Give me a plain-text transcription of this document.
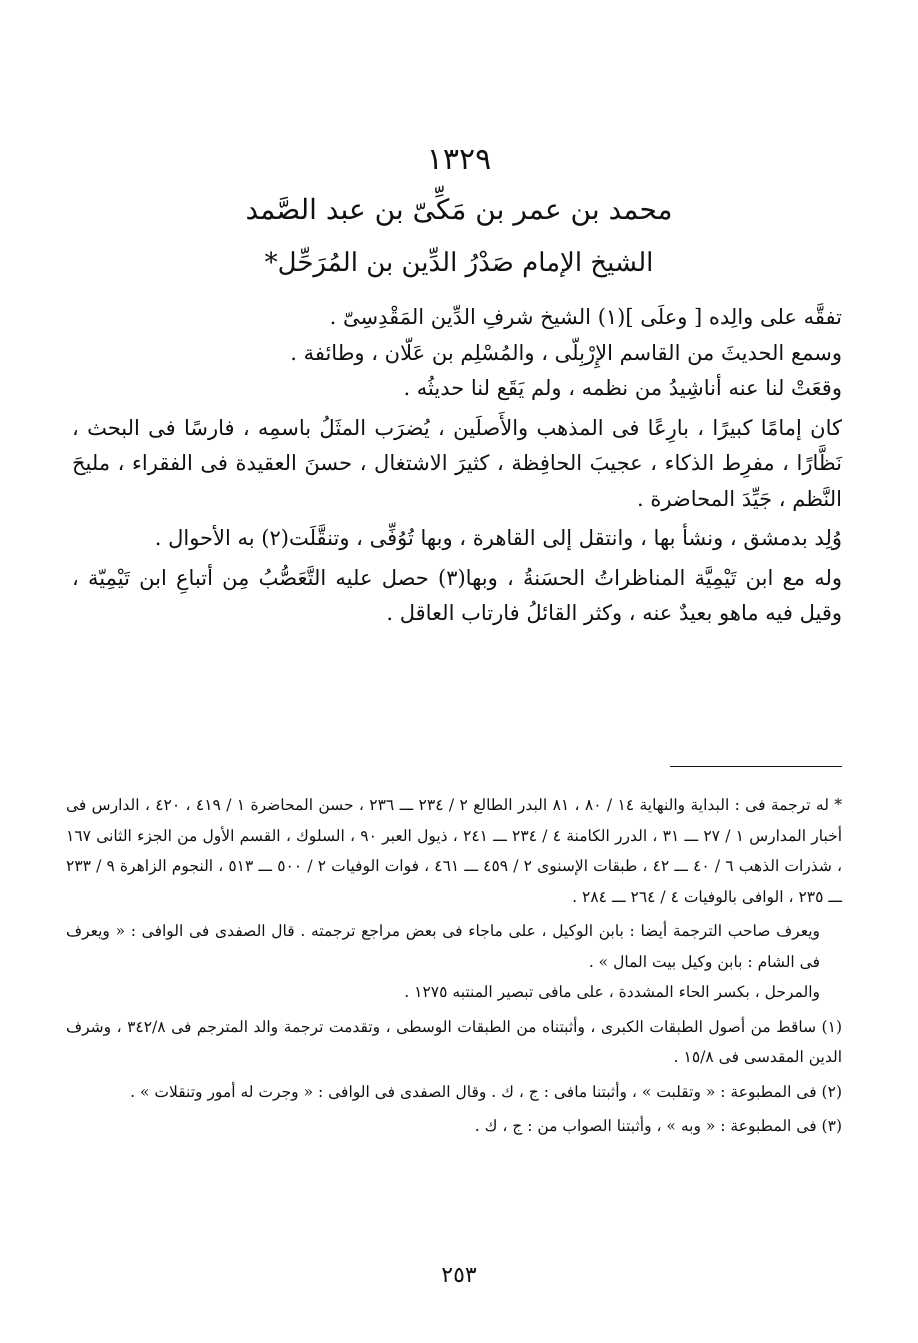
١٣٢٩
محمد بن عمر بن مَكِّىّ بن عبد الصَّمد
الشيخ الإمام صَدْرُ الدِّين بن المُرَحِّل*

تفقَّه على والِده [ وعلَى ](١) الشيخ شرفِ الدِّين المَقْدِسِىّ .

وسمع الحديثَ من القاسم الإِرْبِلّى ، والمُسْلِم بن عَلّان ، وطائفة .

وقعَتْ لنا عنه أناشِيدُ من نظمه ، ولم يَقَع لنا حديثُه .

كان إمامًا كبيرًا ، بارِعًا فى المذهب والأَصلَين ، يُضرَب المثَلُ باسمِه ، فارسًا فى البحث ، نَظَّارًا ، مفرِط الذكاء ، عجيبَ الحافِظة ، كثيرَ الاشتغال ، حسنَ العقيدة فى الفقراء ، مليحَ النَّظم ، جَيِّدَ المحاضرة .

وُلِد بدمشق ، ونشأ بها ، وانتقل إلى القاهرة ، وبها تُوُفِّى ، وتنقَّلَت(٢) به الأحوال .

وله مع ابن تَيْمِيَّة المناظراتُ الحسَنةُ ، وبها(٣) حصل عليه التَّعَصُّبُ مِن أتباعِ ابن تَيْمِيّة ، وقيل فيه ماهو بعيدٌ عنه ، وكثر القائلُ فارتاب العاقل .

* له ترجمة فى : البداية والنهاية ١٤ / ٨٠ ، ٨١ البدر الطالع ٢ / ٢٣٤ ـــ ٢٣٦ ، حسن المحاضرة ١ / ٤١٩ ، ٤٢٠ ، الدارس فى أخبار المدارس ١ / ٢٧ ـــ ٣١ ، الدرر الكامنة ٤ / ٢٣٤ ـــ ٢٤١ ، ذيول العبر ٩٠ ، السلوك ، القسم الأول من الجزء الثانى ١٦٧ ، شذرات الذهب ٦ / ٤٠ ـــ ٤٢ ، طبقات الإسنوى ٢ / ٤٥٩ ـــ ٤٦١ ، فوات الوفيات ٢ / ٥٠٠ ـــ ٥١٣ ، النجوم الزاهرة ٩ / ٢٣٣ ـــ ٢٣٥ ، الوافى بالوفيات ٤ / ٢٦٤ ـــ ٢٨٤ .

ويعرف صاحب الترجمة أيضا : بابن الوكيل ، على ماجاء فى بعض مراجع ترجمته . قال الصفدى فى الوافى : « ويعرف فى الشام : بابن وكيل بيت المال » .

والمرحل ، بكسر الحاء المشددة ، على مافى تبصير المنتبه ١٢٧٥ .

(١) ساقط من أصول الطبقات الكبرى ، وأثبتناه من الطبقات الوسطى ، وتقدمت ترجمة والد المترجم فى ٣٤٢/٨ ، وشرف الدين المقدسى فى ١٥/٨ .

(٢) فى المطبوعة : « وتقلبت » ، وأثبتنا مافى : ج ، ك . وقال الصفدى فى الوافى : « وجرت له أمور وتنقلات » .

(٣) فى المطبوعة : « وبه » ، وأثبتنا الصواب من : ج ، ك .

٢٥٣
